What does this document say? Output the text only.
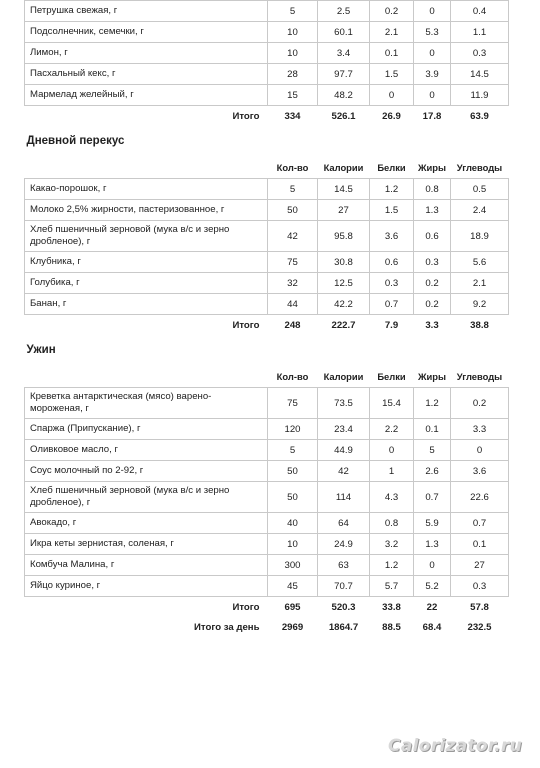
Петрушка свежая, г	5	2.5	0.2	0	0.4
Подсолнечник, семечки, г	10	60.1	2.1	5.3	1.1
Лимон, г	10	3.4	0.1	0	0.3
Пасхальный кекс, г	28	97.7	1.5	3.9	14.5
Мармелад желейный, г	15	48.2	0	0	11.9
Итого	334	526.1	26.9	17.8	63.9
Дневной перекус					
	Кол-во	Калории	Белки	Жиры	Углеводы
Какао-порошок, г	5	14.5	1.2	0.8	0.5
Молоко 2,5% жирности, пастеризованное, г	50	27	1.5	1.3	2.4
Хлеб пшеничный зерновой (мука в/с и зерно дробленое), г	42	95.8	3.6	0.6	18.9
Клубника, г	75	30.8	0.6	0.3	5.6
Голубика, г	32	12.5	0.3	0.2	2.1
Банан, г	44	42.2	0.7	0.2	9.2
Итого	248	222.7	7.9	3.3	38.8
Ужин					
	Кол-во	Калории	Белки	Жиры	Углеводы
Креветка антарктическая (мясо) варено-мороженая, г	75	73.5	15.4	1.2	0.2
Спаржа (Припускание), г	120	23.4	2.2	0.1	3.3
Оливковое масло, г	5	44.9	0	5	0
Соус молочный по 2-92, г	50	42	1	2.6	3.6
Хлеб пшеничный зерновой (мука в/с и зерно дробленое), г	50	114	4.3	0.7	22.6
Авокадо, г	40	64	0.8	5.9	0.7
Икра кеты зернистая, соленая, г	10	24.9	3.2	1.3	0.1
Комбуча Малина, г	300	63	1.2	0	27
Яйцо куриное, г	45	70.7	5.7	5.2	0.3
Итого	695	520.3	33.8	22	57.8
Итого за день	2969	1864.7	88.5	68.4	232.5
Calorizator.ru
